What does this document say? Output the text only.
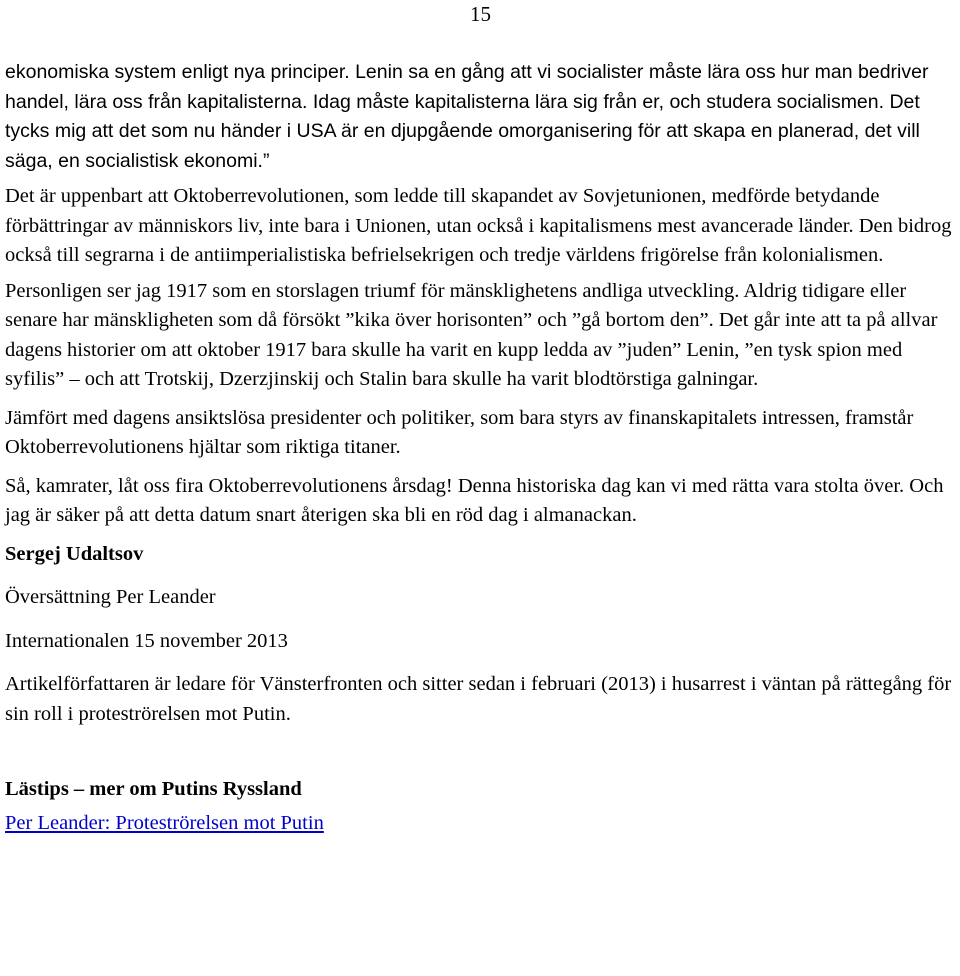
15

ekonomiska system enligt nya principer. Lenin sa en gång att vi socialister måste lära oss hur man bedriver handel, lära oss från kapitalisterna. Idag måste kapitalisterna lära sig från er, och studera socialismen. Det tycks mig att det som nu händer i USA är en djupgående omorganisering för att skapa en planerad, det vill säga, en socialistisk ekonomi.”

Det är uppenbart att Oktoberrevolutionen, som ledde till skapandet av Sovjetunionen, medförde betydande förbättringar av människors liv, inte bara i Unionen, utan också i kapitalismens mest avancerade länder. Den bidrog också till segrarna i de antiimperialistiska befrielsekrigen och tredje världens frigörelse från kolonialismen.

Personligen ser jag 1917 som en storslagen triumf för mänsklighetens andliga utveckling. Aldrig tidigare eller senare har mänskligheten som då försökt ”kika över horisonten” och ”gå bortom den”. Det går inte att ta på allvar dagens historier om att oktober 1917 bara skulle ha varit en kupp ledda av ”juden” Lenin, ”en tysk spion med syfilis” – och att Trotskij, Dzerzjinskij och Stalin bara skulle ha varit blodtörstiga galningar.

Jämfört med dagens ansiktslösa presidenter och politiker, som bara styrs av finanskapitalets intressen, framstår Oktoberrevolutionens hjältar som riktiga titaner.

Så, kamrater, låt oss fira Oktoberrevolutionens årsdag! Denna historiska dag kan vi med rätta vara stolta över. Och jag är säker på att detta datum snart återigen ska bli en röd dag i almanackan.

Sergej Udaltsov

Översättning Per Leander

Internationalen 15 november 2013

Artikelförfattaren är ledare för Vänsterfronten och sitter sedan i februari (2013) i husarrest i väntan på rättegång för sin roll i proteströrelsen mot Putin.

Lästips – mer om Putins Ryssland

Per Leander: Proteströrelsen mot Putin
